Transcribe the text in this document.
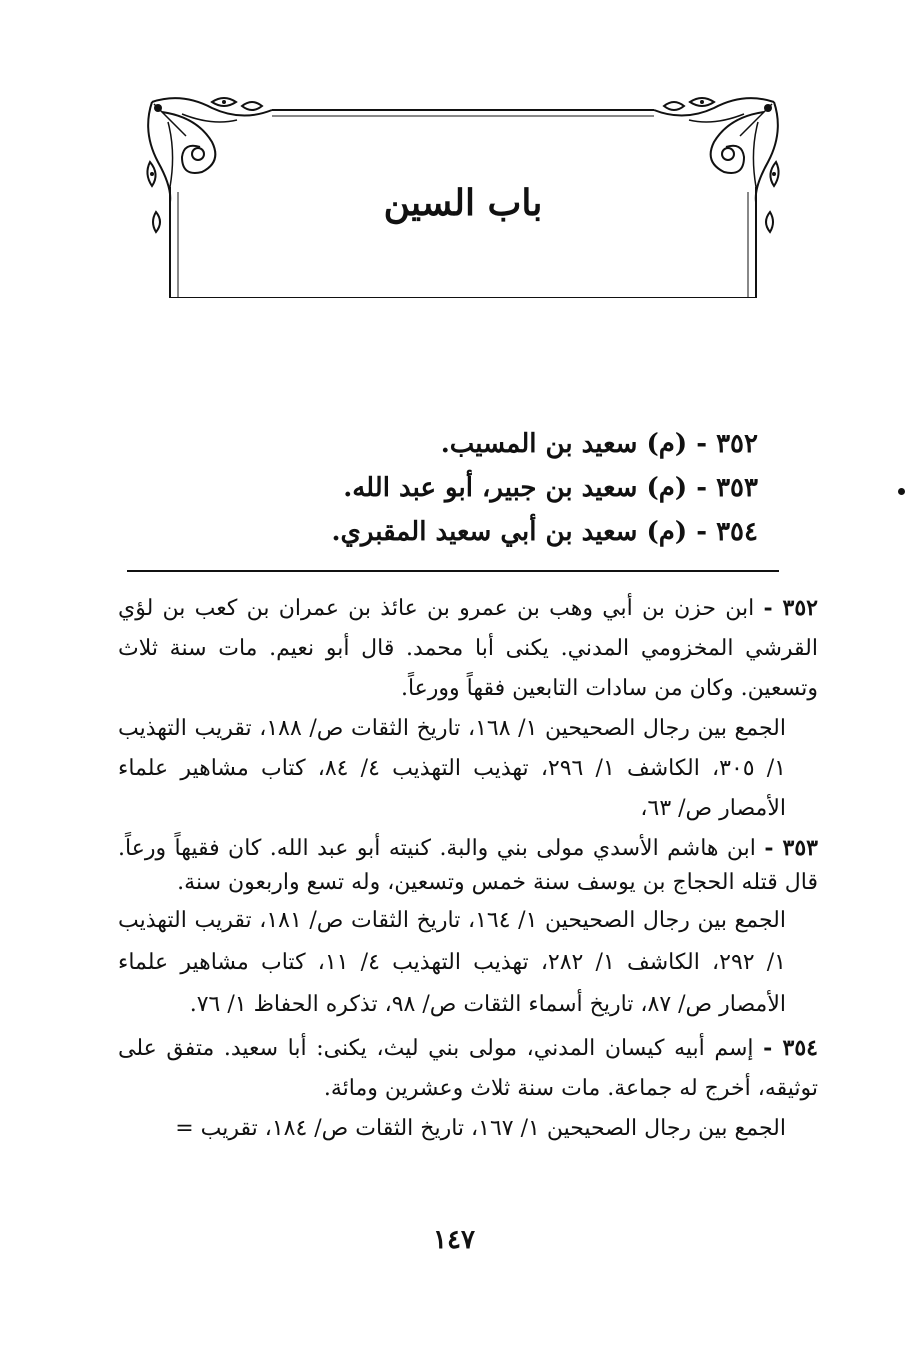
باب السين
٣٥٢ - (م) سعيد بن المسيب.
٣٥٣ - (م) سعيد بن جبير، أبو عبد الله.
٣٥٤ - (م) سعيد بن أبي سعيد المقبري.

٣٥٢ - ابن حزن بن أبي وهب بن عمرو بن عائذ بن عمران بن كعب بن لؤي القرشي المخزومي المدني. يكنى أبا محمد. قال أبو نعيم. مات سنة ثلاث وتسعين. وكان من سادات التابعين فقهاً وورعاً.

الجمع بين رجال الصحيحين ١/ ١٦٨، تاريخ الثقات ص/ ١٨٨، تقريب التهذيب ١/ ٣٠٥، الكاشف ١/ ٢٩٦، تهذيب التهذيب ٤/ ٨٤، كتاب مشاهير علماء الأمصار ص/ ٦٣،

٣٥٣ - ابن هاشم الأسدي مولى بني والبة. كنيته أبو عبد الله. كان فقيهاً ورعاً. قال قتله الحجاج بن يوسف سنة خمس وتسعين، وله تسع واربعون سنة.

الجمع بين رجال الصحيحين ١/ ١٦٤، تاريخ الثقات ص/ ١٨١، تقريب التهذيب ١/ ٢٩٢، الكاشف ١/ ٢٨٢، تهذيب التهذيب ٤/ ١١، كتاب مشاهير علماء الأمصار ص/ ٨٧، تاريخ أسماء الثقات ص/ ٩٨، تذكره الحفاظ ١/ ٧٦.

٣٥٤ - إسم أبيه كيسان المدني، مولى بني ليث، يكنى: أبا سعيد. متفق على توثيقه، أخرج له جماعة. مات سنة ثلاث وعشرين ومائة.

الجمع بين رجال الصحيحين ١/ ١٦٧، تاريخ الثقات ص/ ١٨٤، تقريب =

١٤٧
